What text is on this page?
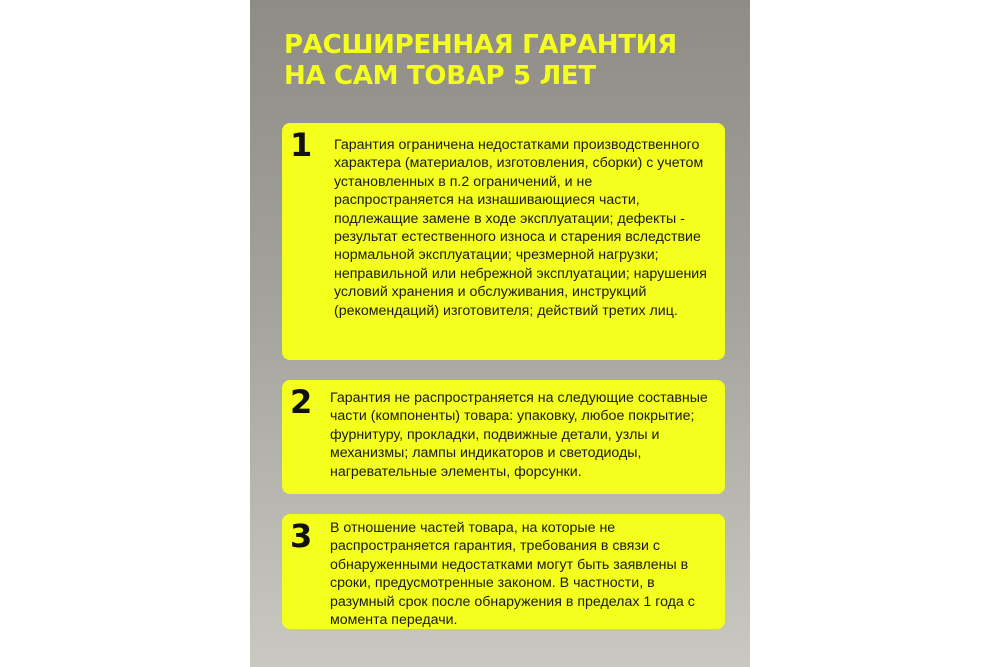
РАСШИРЕННАЯ ГАРАНТИЯ
НА САМ ТОВАР 5 ЛЕТ
1 Гарантия ограничена недостатками производственного характера (материалов, изготовления, сборки) с учетом установленных в п.2 ограничений, и не распространяется на изнашивающиеся части, подлежащие замене в ходе эксплуатации; дефекты - результат естественного износа и старения вследствие нормальной эксплуатации; чрезмерной нагрузки; неправильной или небрежной эксплуатации; нарушения условий хранения и обслуживания, инструкций (рекомендаций) изготовителя; действий третих лиц.

2 Гарантия не распространяется на следующие составные части (компоненты) товара: упаковку, любое покрытие; фурнитуру, прокладки, подвижные детали, узлы и механизмы; лампы индикаторов и светодиоды, нагревательные элементы, форсунки.

3 В отношение частей товара, на которые не распространяется гарантия, требования в связи с обнаруженными недостатками могут быть заявлены в сроки, предусмотренные законом. В частности, в разумный срок после обнаружения в пределах 1 года с момента передачи.
